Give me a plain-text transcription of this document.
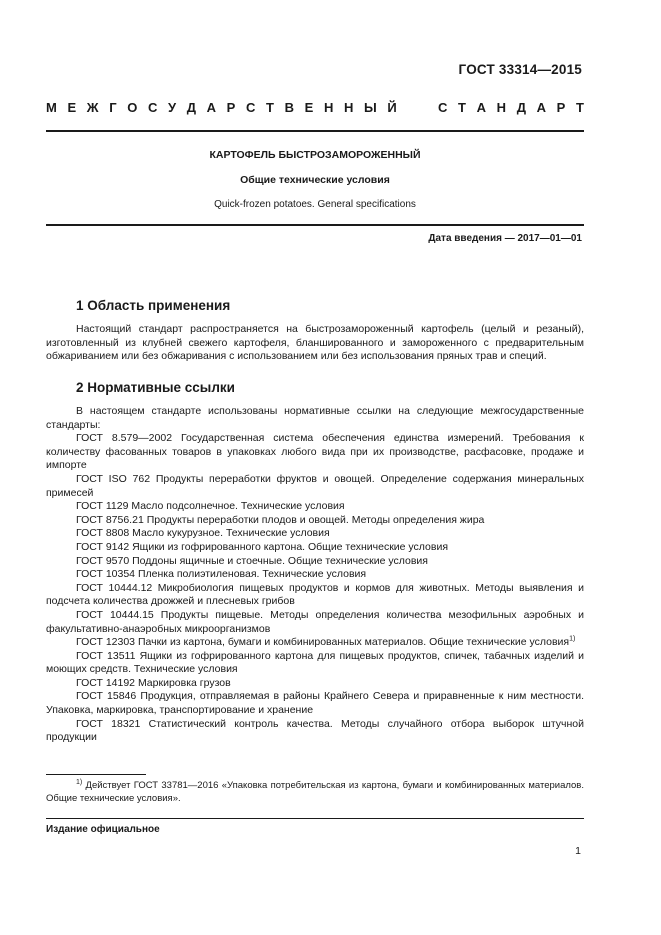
ГОСТ 33314—2015
М Е Ж Г О С У Д А Р С Т В Е Н Н Ы Й	С Т А Н Д А Р Т
КАРТОФЕЛЬ БЫСТРОЗАМОРОЖЕННЫЙ
Общие технические условия
Quick-frozen potatoes. General specifications
Дата введения — 2017—01—01
1 Область применения

Настоящий стандарт распространяется на быстрозамороженный картофель (целый и резаный), изготовленный из клубней свежего картофеля, бланшированного и замороженного с предварительным обжариванием или без обжаривания с использованием или без использования пряных трав и специй.

2 Нормативные ссылки

В настоящем стандарте использованы нормативные ссылки на следующие межгосударственные стандарты:

ГОСТ 8.579—2002 Государственная система обеспечения единства измерений. Требования к количеству фасованных товаров в упаковках любого вида при их производстве, расфасовке, продаже и импорте

ГОСТ ISO 762 Продукты переработки фруктов и овощей. Определение содержания минеральных примесей

ГОСТ 1129 Масло подсолнечное. Технические условия

ГОСТ 8756.21 Продукты переработки плодов и овощей. Методы определения жира

ГОСТ 8808 Масло кукурузное. Технические условия

ГОСТ 9142 Ящики из гофрированного картона. Общие технические условия

ГОСТ 9570 Поддоны ящичные и стоечные. Общие технические условия

ГОСТ 10354 Пленка полиэтиленовая. Технические условия

ГОСТ 10444.12 Микробиология пищевых продуктов и кормов для животных. Методы выявления и подсчета количества дрожжей и плесневых грибов

ГОСТ 10444.15 Продукты пищевые. Методы определения количества мезофильных аэробных и факультативно-анаэробных микроорганизмов

ГОСТ 12303 Пачки из картона, бумаги и комбинированных материалов. Общие технические условия$^{1)}$

ГОСТ 13511 Ящики из гофрированного картона для пищевых продуктов, спичек, табачных изделий и моющих средств. Технические условия

ГОСТ 14192 Маркировка грузов

ГОСТ 15846 Продукция, отправляемая в районы Крайнего Севера и приравненные к ним местности. Упаковка, маркировка, транспортирование и хранение

ГОСТ 18321 Статистический контроль качества. Методы случайного отбора выборок штучной продукции

$^{1)}$ Действует ГОСТ 33781—2016 «Упаковка потребительская из картона, бумаги и комбинированных материалов. Общие технические условия».

Издание официальное
1
